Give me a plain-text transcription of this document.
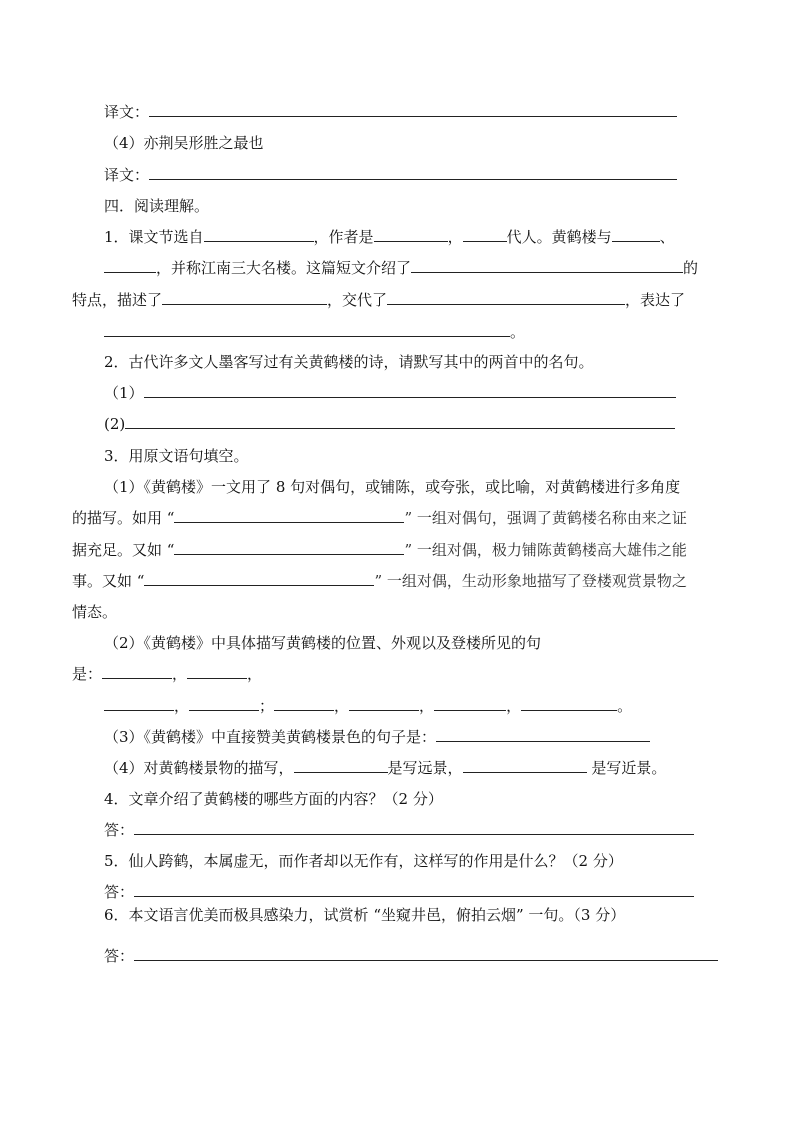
译文：
（4）亦荆吴形胜之最也
译文：
四．阅读理解。
1．课文节选自	，作者是	，	代人。黄鹤楼与	、
，并称江南三大名楼。这篇短文介绍了	的
特点，描述了	，交代了	，表达了
。
2．古代许多文人墨客写过有关黄鹤楼的诗，请默写其中的两首中的名句。
（1）
(2)
3．用原文语句填空。
（1）《黄鹤楼》一文用了 8 句对偶句，或铺陈，或夸张，或比喻，对黄鹤楼进行多角度
的描写。如用 “	” 一组对偶句，强调了黄鹤楼名称由来之证
据充足。又如 “	” 一组对偶，极力铺陈黄鹤楼高大雄伟之能
事。又如 “	” 一组对偶，生动形象地描写了登楼观赏景物之
情态。
（2）《黄鹤楼》中具体描写黄鹤楼的位置、外观以及登楼所见的句
是：	，	，
，	；	，	，	，	。
（3）《黄鹤楼》中直接赞美黄鹤楼景色的句子是：
（4）对黄鹤楼景物的描写，	是写远景，	是写近景。
4．文章介绍了黄鹤楼的哪些方面的内容？（2 分）
答：
5．仙人跨鹤，本属虚无，而作者却以无作有，这样写的作用是什么？（2 分）
答：
6．本文语言优美而极具感染力，试赏析 “坐窥井邑，俯拍云烟” 一句。（3 分）
答：
